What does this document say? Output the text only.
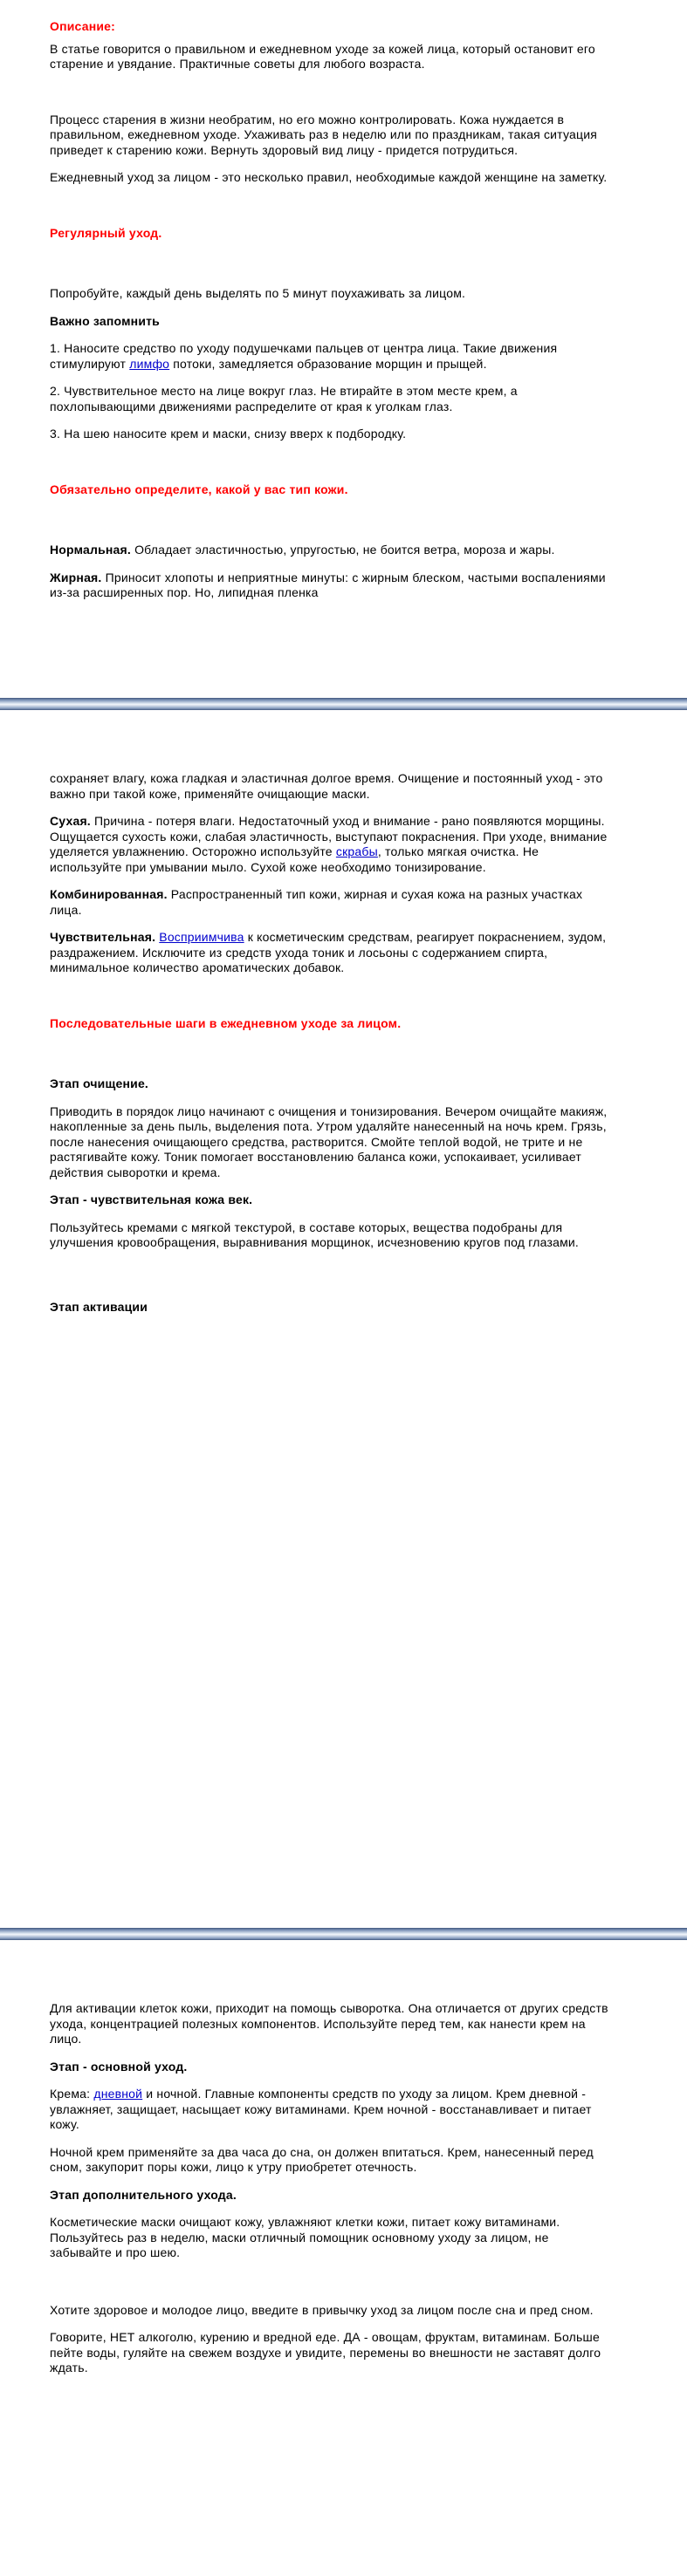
Описание:

В статье говорится о правильном и ежедневном уходе за кожей лица, который остановит его старение и увядание. Практичные советы для любого возраста.

Процесс старения в жизни необратим, но его можно контролировать. Кожа нуждается в правильном, ежедневном уходе. Ухаживать раз в неделю или по праздникам, такая ситуация приведет к старению кожи. Вернуть здоровый вид лицу - придется потрудиться.

Ежедневный уход за лицом - это несколько правил, необходимые каждой женщине на заметку.

Регулярный уход.

Попробуйте, каждый день выделять по 5 минут поухаживать за лицом.

Важно запомнить

1. Наносите средство по уходу подушечками пальцев от центра лица. Такие движения стимулируют лимфо потоки, замедляется образование морщин и прыщей.

2. Чувствительное место на лице вокруг глаз. Не втирайте в этом месте крем, а похлопывающими движениями распределите от края к уголкам глаз.

3. На шею наносите крем и маски, снизу вверх к подбородку.

Обязательно определите, какой у вас тип кожи.

Нормальная. Обладает эластичностью, упругостью, не боится ветра, мороза и жары.

Жирная. Приносит хлопоты и неприятные минуты: с жирным блеском, частыми воспалениями из-за расширенных пор. Но, липидная пленка

сохраняет влагу, кожа гладкая и эластичная долгое время. Очищение и постоянный уход - это важно при такой коже, применяйте очищающие маски.

Сухая. Причина - потеря влаги. Недостаточный уход и внимание - рано появляются морщины. Ощущается сухость кожи, слабая эластичность, выступают покраснения. При уходе, внимание уделяется увлажнению. Осторожно используйте скрабы, только мягкая очистка. Не используйте при умывании мыло. Сухой коже необходимо тонизирование.

Комбинированная. Распространенный тип кожи, жирная и сухая кожа на разных участках лица.

Чувствительная. Восприимчива к косметическим средствам, реагирует покраснением, зудом, раздражением. Исключите из средств ухода тоник и лосьоны с содержанием спирта, минимальное количество ароматических добавок.

Последовательные шаги в ежедневном уходе за лицом.

Этап очищение.

Приводить в порядок лицо начинают с очищения и тонизирования. Вечером очищайте макияж, накопленные за день пыль, выделения пота. Утром удаляйте нанесенный на ночь крем. Грязь, после нанесения очищающего средства, растворится. Смойте теплой водой, не трите и не растягивайте кожу. Тоник помогает восстановлению баланса кожи, успокаивает, усиливает действия сыворотки и крема.

Этап - чувствительная кожа век.

Пользуйтесь кремами с мягкой текстурой, в составе которых, вещества подобраны для улучшения кровообращения, выравнивания морщинок, исчезновению кругов под глазами.

Этап активации

Для активации клеток кожи, приходит на помощь сыворотка. Она отличается от других средств ухода, концентрацией полезных компонентов. Используйте перед тем, как нанести крем на лицо.

Этап - основной уход.

Крема: дневной и ночной. Главные компоненты средств по уходу за лицом. Крем дневной - увлажняет, защищает, насыщает кожу витаминами. Крем ночной - восстанавливает и питает кожу.

Ночной крем применяйте за два часа до сна, он должен впитаться. Крем, нанесенный перед сном, закупорит поры кожи, лицо к утру приобретет отечность.

Этап дополнительного ухода.

Косметические маски очищают кожу, увлажняют клетки кожи, питает кожу витаминами. Пользуйтесь раз в неделю, маски отличный помощник основному уходу за лицом, не забывайте и про шею.

Хотите здоровое и молодое лицо, введите в привычку уход за лицом после сна и пред сном.

Говорите, НЕТ алкоголю, курению и вредной еде. ДА - овощам, фруктам, витаминам. Больше пейте воды, гуляйте на свежем воздухе и увидите, перемены во внешности не заставят долго ждать.
